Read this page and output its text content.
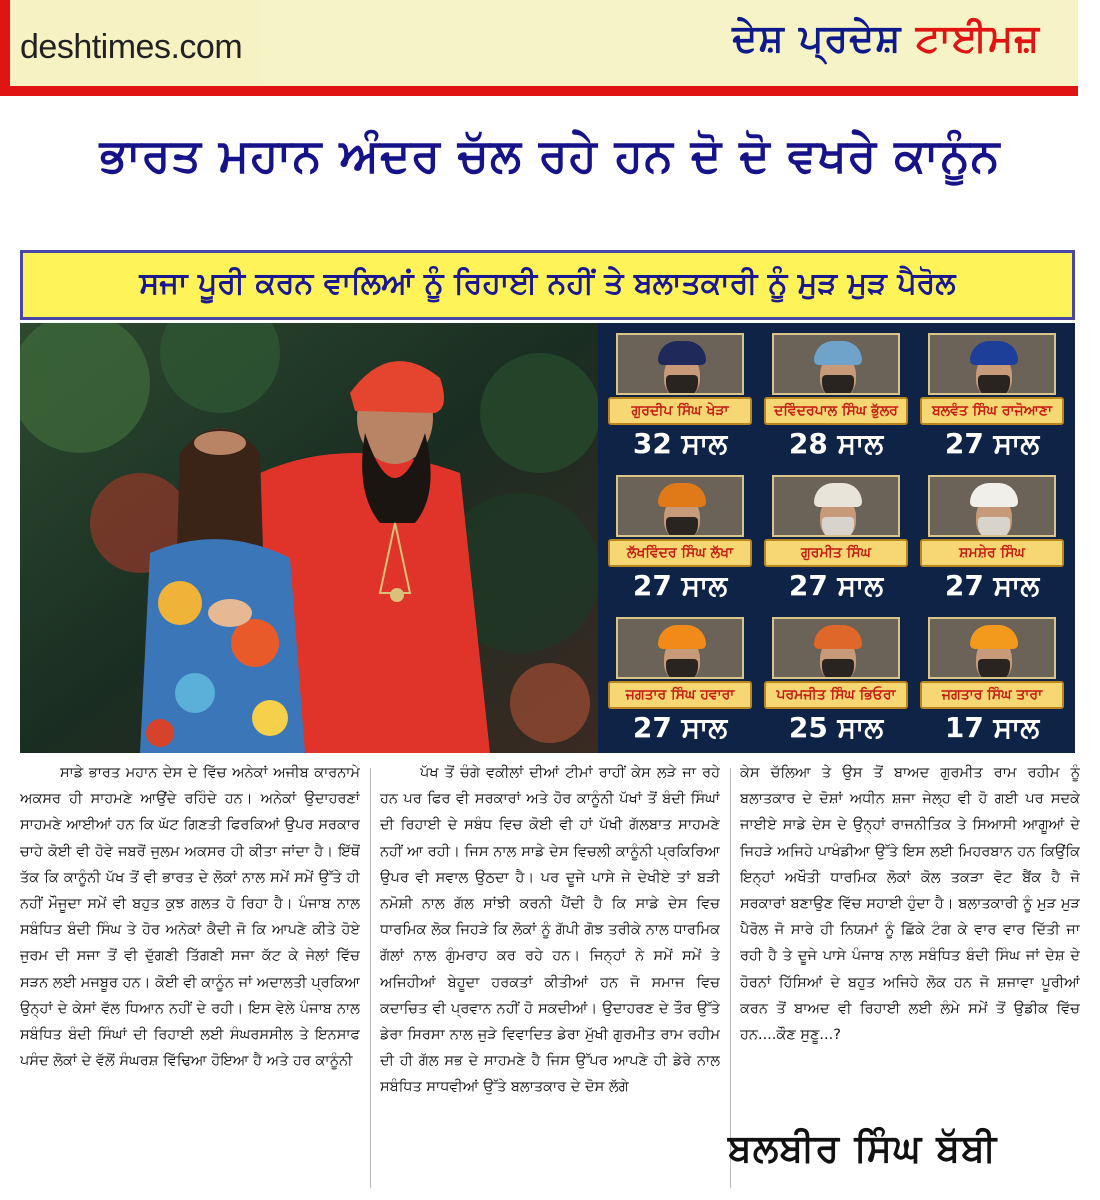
deshtimes.com	ਦੇਸ਼ ਪ੍ਰਦੇਸ਼ ਟਾਈਮਜ਼
ਭਾਰਤ ਮਹਾਨ ਅੰਦਰ ਚੱਲ ਰਹੇ ਹਨ ਦੋ ਦੋ ਵਖਰੇ ਕਾਨੂੰਨ
ਸਜਾ ਪੂਰੀ ਕਰਨ ਵਾਲਿਆਂ ਨੂੰ ਰਿਹਾਈ ਨਹੀਂ ਤੇ ਬਲਾਤਕਾਰੀ ਨੂੰ ਮੁੜ ਮੁੜ ਪੈਰੋਲ
ਗੁਰਦੀਪ ਸਿੰਘ ਖੇੜਾ
32 ਸਾਲ
ਦਵਿੰਦਰਪਾਲ ਸਿੰਘ ਭੁੱਲਰ
28 ਸਾਲ
ਬਲਵੰਤ ਸਿੰਘ ਰਾਜੋਆਣਾ
27 ਸਾਲ
ਲੱਖਵਿੰਦਰ ਸਿੰਘ ਲੱਖਾ
27 ਸਾਲ
ਗੁਰਮੀਤ ਸਿੰਘ
27 ਸਾਲ
ਸ਼ਮਸ਼ੇਰ ਸਿੰਘ
27 ਸਾਲ
ਜਗਤਾਰ ਸਿੰਘ ਹਵਾਰਾ
27 ਸਾਲ
ਪਰਮਜੀਤ ਸਿੰਘ ਭਿਓਰਾ
25 ਸਾਲ
ਜਗਤਾਰ ਸਿੰਘ ਤਾਰਾ
17 ਸਾਲ

ਸਾਡੇ ਭਾਰਤ ਮਹਾਨ ਦੇਸ ਦੇ ਵਿੱਚ ਅਨੇਕਾਂ ਅਜੀਬ ਕਾਰਨਾਮੇ ਅਕਸਰ ਹੀ ਸਾਹਮਣੇ ਆਉਂਦੇ ਰਹਿੰਦੇ ਹਨ। ਅਨੇਕਾਂ ਉਦਾਹਰਣਾਂ ਸਾਹਮਣੇ ਆਈਆਂ ਹਨ ਕਿ ਘੱਟ ਗਿਣਤੀ ਫਿਰਕਿਆਂ ਉਪਰ ਸਰਕਾਰ ਚਾਹੇ ਕੋਈ ਵੀ ਹੋਵੇ ਜਬਰੋਂ ਜੁਲਮ ਅਕਸਰ ਹੀ ਕੀਤਾ ਜਾਂਦਾ ਹੈ। ਇੱਥੋਂ ਤੱਕ ਕਿ ਕਾਨੂੰਨੀ ਪੱਖ ਤੋਂ ਵੀ ਭਾਰਤ ਦੇ ਲੋਕਾਂ ਨਾਲ ਸਮੇਂ ਸਮੇਂ ਉੱਤੇ ਹੀ ਨਹੀਂ ਮੌਜੂਦਾ ਸਮੇਂ ਵੀ ਬਹੁਤ ਕੁਝ ਗਲਤ ਹੋ ਰਿਹਾ ਹੈ। ਪੰਜਾਬ ਨਾਲ ਸਬੰਧਿਤ ਬੰਦੀ ਸਿੰਘ ਤੇ ਹੋਰ ਅਨੇਕਾਂ ਕੈਦੀ ਜੋ ਕਿ ਆਪਣੇ ਕੀਤੇ ਹੋਏ ਜੁਰਮ ਦੀ ਸਜਾ ਤੋਂ ਵੀ ਦੁੱਗਣੀ ਤਿੱਗਣੀ ਸਜਾ ਕੱਟ ਕੇ ਜੇਲਾਂ ਵਿੱਚ ਸੜਨ ਲਈ ਮਜਬੂਰ ਹਨ। ਕੋਈ ਵੀ ਕਾਨੂੰਨ ਜਾਂ ਅਦਾਲਤੀ ਪ੍ਰਕਿਆ ਉਨ੍ਹਾਂ ਦੇ ਕੇਸਾਂ ਵੱਲ ਧਿਆਨ ਨਹੀਂ ਦੇ ਰਹੀ। ਇਸ ਵੇਲੇ ਪੰਜਾਬ ਨਾਲ ਸਬੰਧਿਤ ਬੰਦੀ ਸਿੰਘਾਂ ਦੀ ਰਿਹਾਈ ਲਈ ਸੰਘਰਸਸੀਲ ਤੇ ਇਨਸਾਫ ਪਸੰਦ ਲੋਕਾਂ ਦੇ ਵੱਲੋਂ ਸੰਘਰਸ਼ ਵਿੱਢਿਆ ਹੋਇਆ ਹੈ ਅਤੇ ਹਰ ਕਾਨੂੰਨੀ

ਪੱਖ ਤੋਂ ਚੰਗੇ ਵਕੀਲਾਂ ਦੀਆਂ ਟੀਮਾਂ ਰਾਹੀਂ ਕੇਸ ਲੜੇ ਜਾ ਰਹੇ ਹਨ ਪਰ ਫਿਰ ਵੀ ਸਰਕਾਰਾਂ ਅਤੇ ਹੋਰ ਕਾਨੂੰਨੀ ਪੱਖਾਂ ਤੋਂ ਬੰਦੀ ਸਿੰਘਾਂ ਦੀ ਰਿਹਾਈ ਦੇ ਸਬੰਧ ਵਿਚ ਕੋਈ ਵੀ ਹਾਂ ਪੱਖੀ ਗੱਲਬਾਤ ਸਾਹਮਣੇ ਨਹੀਂ ਆ ਰਹੀ। ਜਿਸ ਨਾਲ ਸਾਡੇ ਦੇਸ ਵਿਚਲੀ ਕਾਨੂੰਨੀ ਪ੍ਰਕਿਰਿਆ ਉਪਰ ਵੀ ਸਵਾਲ ਉਠਦਾ ਹੈ। ਪਰ ਦੂਜੇ ਪਾਸੇ ਜੇ ਦੇਖੀਏ ਤਾਂ ਬੜੀ ਨਮੋਸ਼ੀ ਨਾਲ ਗੱਲ ਸਾਂਝੀ ਕਰਨੀ ਪੈਂਦੀ ਹੈ ਕਿ ਸਾਡੇ ਦੇਸ ਵਿਚ ਧਾਰਮਿਕ ਲੋਕ ਜਿਹੜੇ ਕਿ ਲੋਕਾਂ ਨੂੰ ਗੱਪੀ ਗੋਝ ਤਰੀਕੇ ਨਾਲ ਧਾਰਮਿਕ ਗੱਲਾਂ ਨਾਲ ਗੁੰਮਰਾਹ ਕਰ ਰਹੇ ਹਨ। ਜਿਨ੍ਹਾਂ ਨੇ ਸਮੇਂ ਸਮੇਂ ਤੇ ਅਜਿਹੀਆਂ ਬੇਹੂਦਾ ਹਰਕਤਾਂ ਕੀਤੀਆਂ ਹਨ ਜੋ ਸਮਾਜ ਵਿਚ ਕਦਾਚਿਤ ਵੀ ਪ੍ਰਵਾਨ ਨਹੀਂ ਹੋ ਸਕਦੀਆਂ। ਉਦਾਹਰਣ ਦੇ ਤੌਰ ਉੱਤੇ ਡੇਰਾ ਸਿਰਸਾ ਨਾਲ ਜੁੜੇ ਵਿਵਾਦਿਤ ਡੇਰਾ ਮੁੱਖੀ ਗੁਰਮੀਤ ਰਾਮ ਰਹੀਮ ਦੀ ਹੀ ਗੱਲ ਸਭ ਦੇ ਸਾਹਮਣੇ ਹੈ ਜਿਸ ਉੱਪਰ ਆਪਣੇ ਹੀ ਡੇਰੇ ਨਾਲ ਸਬੰਧਿਤ ਸਾਧਵੀਆਂ ਉੱਤੇ ਬਲਾਤਕਾਰ ਦੇ ਦੋਸ ਲੱਗੇ

ਕੇਸ ਚੱਲਿਆ ਤੇ ਉਸ ਤੋਂ ਬਾਅਦ ਗੁਰਮੀਤ ਰਾਮ ਰਹੀਮ ਨੂੰ ਬਲਾਤਕਾਰ ਦੇ ਦੋਸ਼ਾਂ ਅਧੀਨ ਸ਼ਜਾ ਜੇਲ੍ਹ ਵੀ ਹੋ ਗਈ ਪਰ ਸਦਕੇ ਜਾਈਏ ਸਾਡੇ ਦੇਸ ਦੇ ਉਨ੍ਹਾਂ ਰਾਜਨੀਤਿਕ ਤੇ ਸਿਆਸੀ ਆਗੂਆਂ ਦੇ ਜਿਹੜੇ ਅਜਿਹੇ ਪਾਖੰਡੀਆ ਉੱਤੇ ਇਸ ਲਈ ਮਿਹਰਬਾਨ ਹਨ ਕਿਉਂਕਿ ਇਨ੍ਹਾਂ ਅਖੌਤੀ ਧਾਰਮਿਕ ਲੋਕਾਂ ਕੋਲ ਤਕੜਾ ਵੋਟ ਬੈਂਕ ਹੈ ਜੋ ਸਰਕਾਰਾਂ ਬਣਾਉਣ ਵਿੱਚ ਸਹਾਈ ਹੁੰਦਾ ਹੈ। ਬਲਾਤਕਾਰੀ ਨੂੰ ਮੁੜ ਮੁੜ ਪੈਰੋਲ ਜੋ ਸਾਰੇ ਹੀ ਨਿਯਮਾਂ ਨੂੰ ਛਿੱਕੇ ਟੰਗ ਕੇ ਵਾਰ ਵਾਰ ਦਿੱਤੀ ਜਾ ਰਹੀ ਹੈ ਤੇ ਦੂਜੇ ਪਾਸੇ ਪੰਜਾਬ ਨਾਲ ਸਬੰਧਿਤ ਬੰਦੀ ਸਿੰਘ ਜਾਂ ਦੇਸ਼ ਦੇ ਹੋਰਨਾਂ ਹਿੱਸਿਆਂ ਦੇ ਬਹੁਤ ਅਜਿਹੇ ਲੋਕ ਹਨ ਜੋ ਸ਼ਜਾਵਾ ਪੂਰੀਆਂ ਕਰਨ ਤੋਂ ਬਾਅਦ ਵੀ ਰਿਹਾਈ ਲਈ ਲੰਮੇ ਸਮੇਂ ਤੋਂ ਉਡੀਕ ਵਿੱਚ ਹਨ....ਕੌਣ ਸੁਣੂ...?

ਬਲਬੀਰ ਸਿੰਘ ਬੱਬੀ
